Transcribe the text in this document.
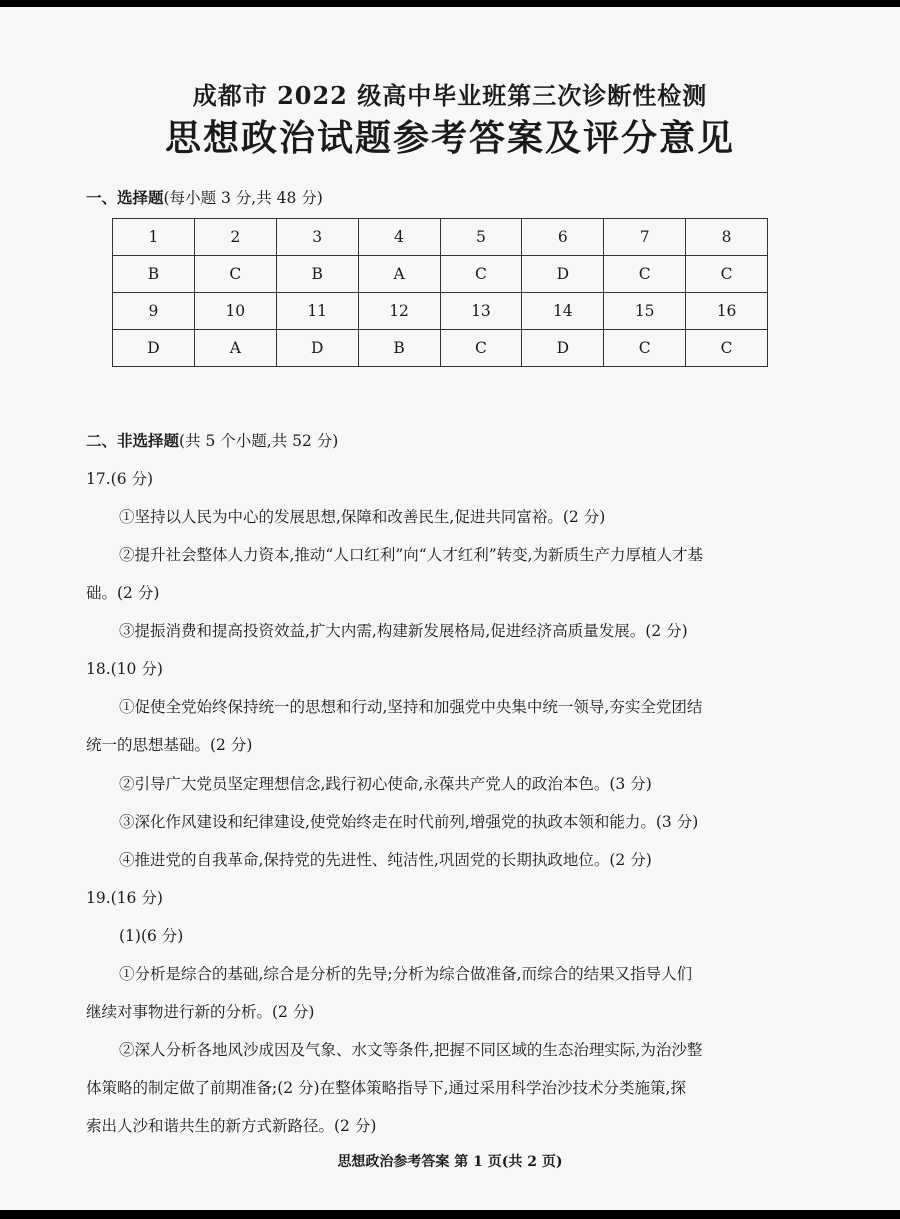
成都市 2022 级高中毕业班第三次诊断性检测
思想政治试题参考答案及评分意见
一、选择题(每小题 3 分,共 48 分)
1	2	3	4	5	6	7	8
B	C	B	A	C	D	C	C
9	10	11	12	13	14	15	16
D	A	D	B	C	D	C	C
二、非选择题(共 5 个小题,共 52 分)
17.(6 分)
①坚持以人民为中心的发展思想,保障和改善民生,促进共同富裕。(2 分)
②提升社会整体人力资本,推动“人口红利”向“人才红利”转变,为新质生产力厚植人才基
础。(2 分)
③提振消费和提高投资效益,扩大内需,构建新发展格局,促进经济高质量发展。(2 分)
18.(10 分)
①促使全党始终保持统一的思想和行动,坚持和加强党中央集中统一领导,夯实全党团结
统一的思想基础。(2 分)
②引导广大党员坚定理想信念,践行初心使命,永葆共产党人的政治本色。(3 分)
③深化作风建设和纪律建设,使党始终走在时代前列,增强党的执政本领和能力。(3 分)
④推进党的自我革命,保持党的先进性、纯洁性,巩固党的长期执政地位。(2 分)
19.(16 分)
(1)(6 分)
①分析是综合的基础,综合是分析的先导;分析为综合做准备,而综合的结果又指导人们
继续对事物进行新的分析。(2 分)
②深人分析各地风沙成因及气象、水文等条件,把握不同区域的生态治理实际,为治沙整
体策略的制定做了前期准备;(2 分)在整体策略指导下,通过采用科学治沙技术分类施策,探
索出人沙和谐共生的新方式新路径。(2 分)
思想政治参考答案 第 1 页(共 2 页)
